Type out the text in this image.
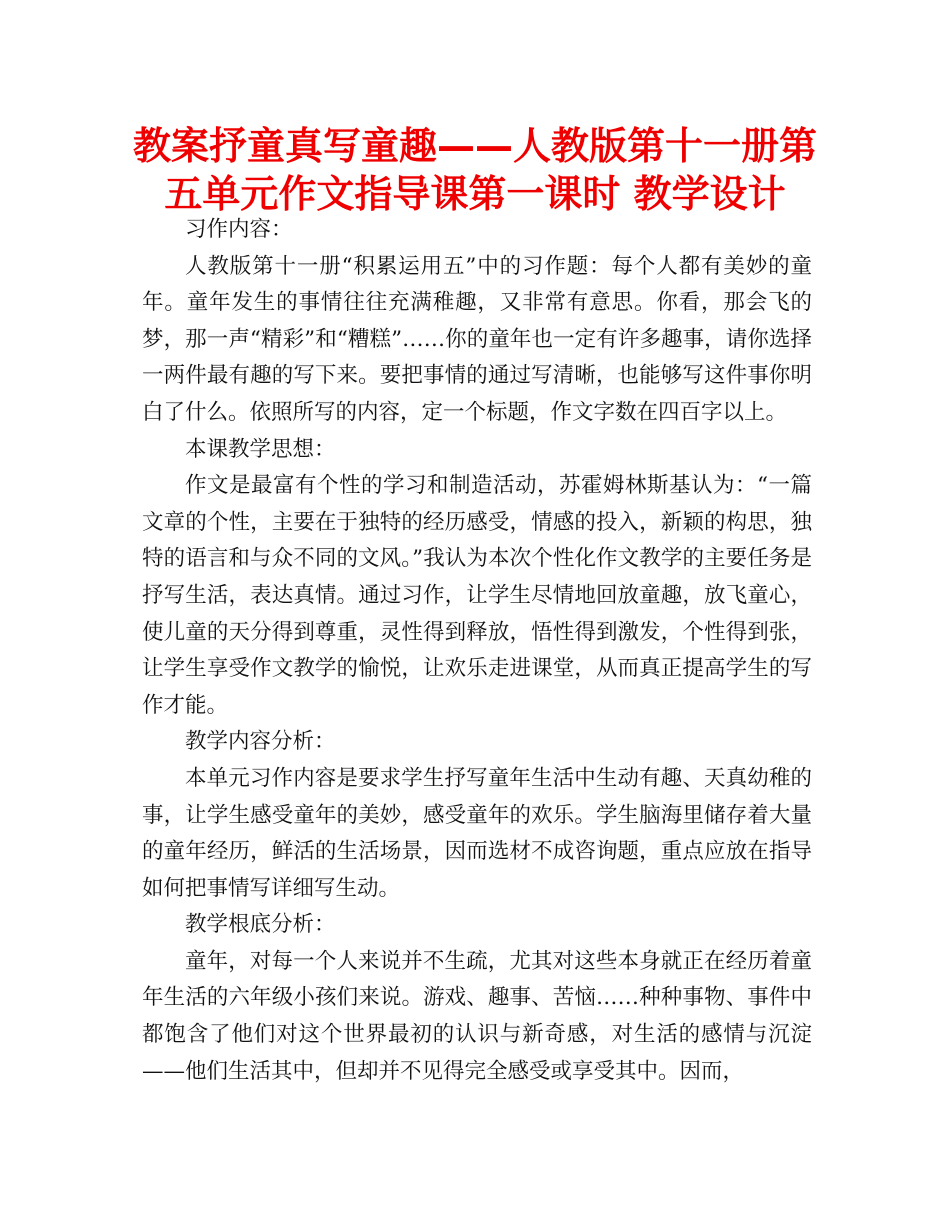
教案抒童真写童趣——人教版第十一册第五单元作文指导课第一课时 教学设计

习作内容：

人教版第十一册“积累运用五”中的习作题：每个人都有美妙的童年。童年发生的事情往往充满稚趣，又非常有意思。你看，那会飞的梦，那一声“精彩”和“糟糕”……你的童年也一定有许多趣事，请你选择一两件最有趣的写下来。要把事情的通过写清晰，也能够写这件事你明白了什么。依照所写的内容，定一个标题，作文字数在四百字以上。

本课教学思想：

作文是最富有个性的学习和制造活动，苏霍姆林斯基认为：“一篇文章的个性，主要在于独特的经历感受，情感的投入，新颖的构思，独特的语言和与众不同的文风。”我认为本次个性化作文教学的主要任务是抒写生活，表达真情。通过习作，让学生尽情地回放童趣，放飞童心，使儿童的天分得到尊重，灵性得到释放，悟性得到激发，个性得到张，让学生享受作文教学的愉悦，让欢乐走进课堂，从而真正提高学生的写作才能。

教学内容分析：

本单元习作内容是要求学生抒写童年生活中生动有趣、天真幼稚的事，让学生感受童年的美妙，感受童年的欢乐。学生脑海里储存着大量的童年经历，鲜活的生活场景，因而选材不成咨询题，重点应放在指导如何把事情写详细写生动。

教学根底分析：

童年，对每一个人来说并不生疏，尤其对这些本身就正在经历着童年生活的六年级小孩们来说。游戏、趣事、苦恼……种种事物、事件中都饱含了他们对这个世界最初的认识与新奇感，对生活的感情与沉淀——他们生活其中，但却并不见得完全感受或享受其中。因而，
